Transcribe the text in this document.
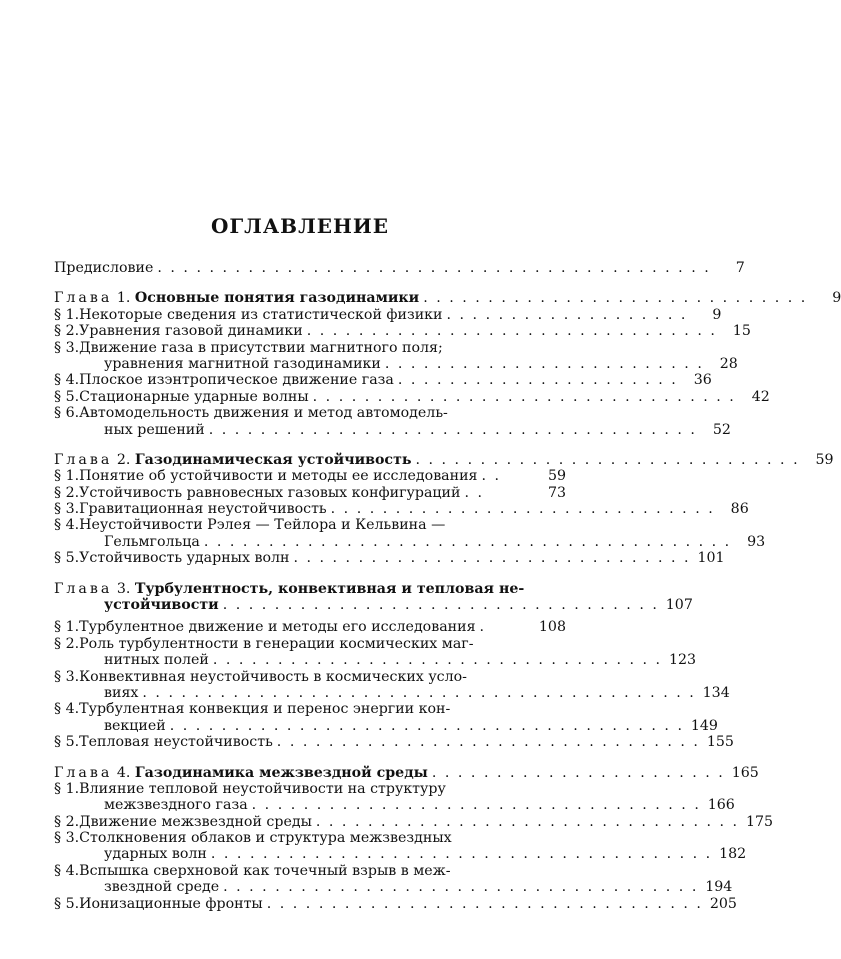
ОГЛАВЛЕНИЕ
Предисловие . . . . . . . . . . . . . . . . . . . . . . . . . . . . . . . . . . . . . . . . . . .	7
Глава 1. Основные понятия газодинамики . . . . . . . . . . . . . . . . . . . . . . . . . . . . . .	9
§ 1.Некоторые сведения из статистической физики . . . . . . . . . . . . . . . . . . .	9
§ 2.Уравнения газовой динамики . . . . . . . . . . . . . . . . . . . . . . . . . . . . . . . .	15
§ 3.Движение газа в присутствии магнитного поля;
уравнения магнитной газодинамики . . . . . . . . . . . . . . . . . . . . . . . . .	28
§ 4.Плоское изэнтропическое движение газа . . . . . . . . . . . . . . . . . . . . . .	36
§ 5.Стационарные ударные волны . . . . . . . . . . . . . . . . . . . . . . . . . . . . . . . . .	42
§ 6.Автомодельность движения и метод автомодель-
ных решений . . . . . . . . . . . . . . . . . . . . . . . . . . . . . . . . . . . . . .	52
Глава 2. Газодинамическая устойчивость . . . . . . . . . . . . . . . . . . . . . . . . . . . . . .	59
§ 1.Понятие об устойчивости и методы ее исследования . .	59
§ 2.Устойчивость равновесных газовых конфигураций . .	73
§ 3.Гравитационная неустойчивость . . . . . . . . . . . . . . . . . . . . . . . . . . . . . .	86
§ 4.Неустойчивости Рэлея — Тейлора и Кельвина —
Гельмгольца . . . . . . . . . . . . . . . . . . . . . . . . . . . . . . . . . . . . . . . . .	93
§ 5.Устойчивость ударных волн . . . . . . . . . . . . . . . . . . . . . . . . . . . . . . . 101
Глава 3. Турбулентность, конвективная и тепловая не-
устойчивости . . . . . . . . . . . . . . . . . . . . . . . . . . . . . . . . . . 107
§ 1.Турбулентное движение и методы его исследования .	108
§ 2.Роль турбулентности в генерации космических маг-
нитных полей . . . . . . . . . . . . . . . . . . . . . . . . . . . . . . . . . . . 123
§ 3.Конвективная неустойчивость в космических усло-
виях . . . . . . . . . . . . . . . . . . . . . . . . . . . . . . . . . . . . . . . . . . . 134
§ 4.Турбулентная конвекция и перенос энергии кон-
векцией . . . . . . . . . . . . . . . . . . . . . . . . . . . . . . . . . . . . . . . . 149
§ 5.Тепловая неустойчивость . . . . . . . . . . . . . . . . . . . . . . . . . . . . . . . . . 155
Глава 4. Газодинамика межзвездной среды . . . . . . . . . . . . . . . . . . . . . . . 165
§ 1.Влияние тепловой неустойчивости на структуру
межзвездного газа . . . . . . . . . . . . . . . . . . . . . . . . . . . . . . . . . . . 166
§ 2.Движение межзвездной среды . . . . . . . . . . . . . . . . . . . . . . . . . . . . . . . . . 175
§ 3.Столкновения облаков и структура межзвездных
ударных волн . . . . . . . . . . . . . . . . . . . . . . . . . . . . . . . . . . . . . . . 182
§ 4.Вспышка сверхновой как точечный взрыв в меж-
звездной среде . . . . . . . . . . . . . . . . . . . . . . . . . . . . . . . . . . . . . 194
§ 5.Ионизационные фронты . . . . . . . . . . . . . . . . . . . . . . . . . . . . . . . . . . 205
